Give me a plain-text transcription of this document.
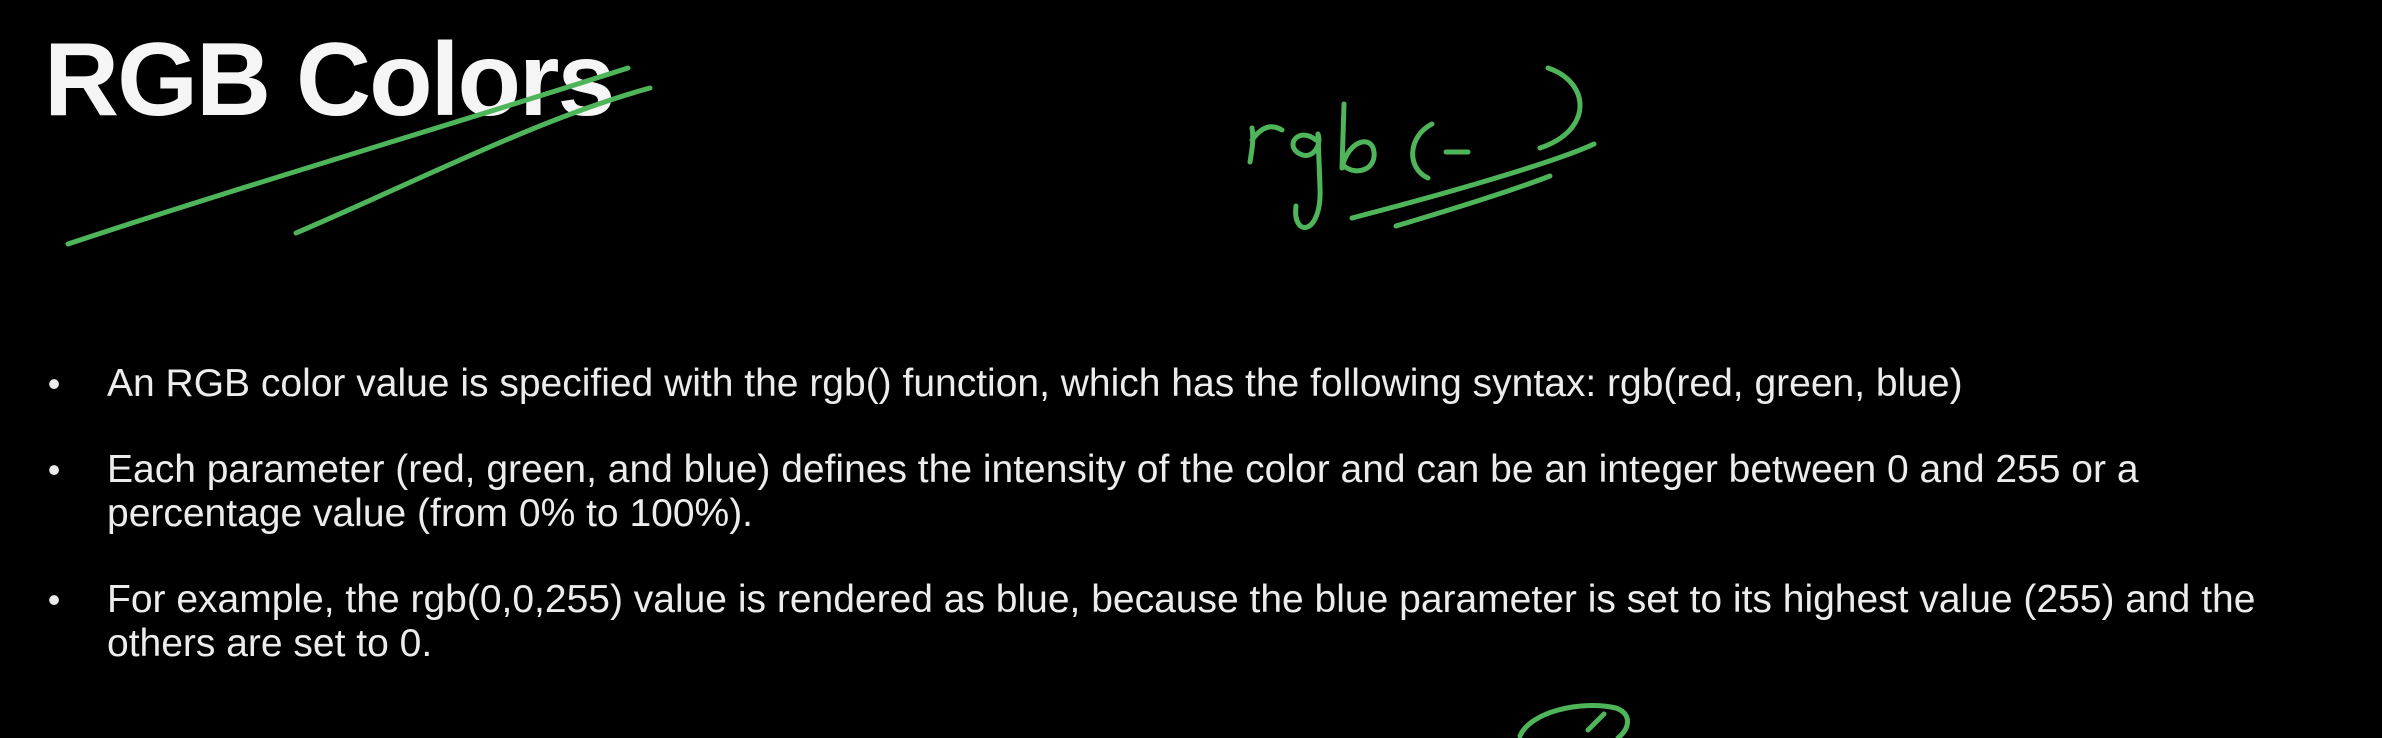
RGB Colors
• An RGB color value is specified with the rgb() function, which has the following syntax: rgb(red, green, blue)
• Each parameter (red, green, and blue) defines the intensity of the color and can be an integer between 0 and 255 or a percentage value (from 0% to 100%).
• For example, the rgb(0,0,255) value is rendered as blue, because the blue parameter is set to its highest value (255) and the others are set to 0.
